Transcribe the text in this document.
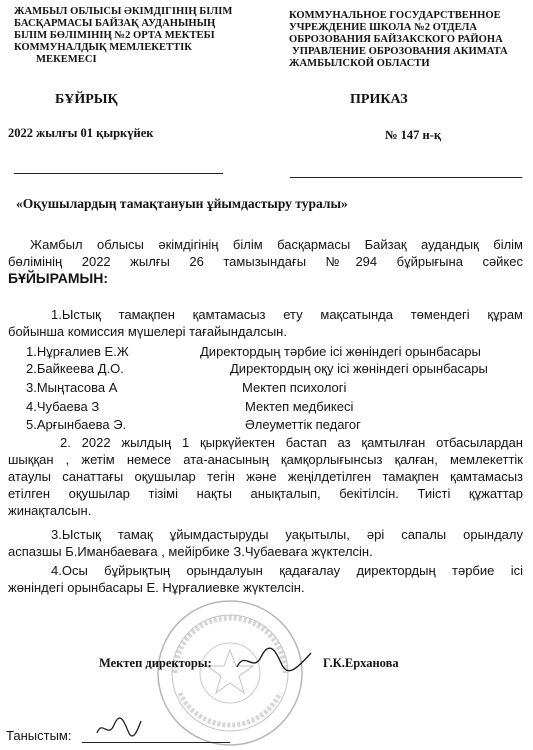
ЖАМБЫЛ ОБЛЫСЫ ӘКІМДІГІНІҢ БІЛІМ
БАСҚАРМАСЫ БАЙЗАҚ АУДАНЫНЫҢ
БІЛІМ БӨЛІМІНІҢ №2 ОРТА МЕКТЕБІ
КОММУНАЛДЫҚ МЕМЛЕКЕТТІК
МЕКЕМЕСІ
КОММУНАЛЬНОЕ ГОСУДАРСТВЕННОЕ
УЧРЕЖДЕНИЕ ШКОЛА №2 ОТДЕЛА
ОБРОЗОВАНИЯ БАЙЗАКСКОГО РАЙОНА
УПРАВЛЕНИЕ ОБРОЗОВАНИЯ АКИМАТА
ЖАМБЫЛСКОЙ ОБЛАСТИ
БҰЙРЫҚ	ПРИКАЗ
2022 жылғы 01 қыркүйек	№ 147 н-қ
«Оқушылардың тамақтануын ұйымдастыру туралы»
Жамбыл облысы әкімдігінің білім басқармасы Байзақ аудандық білім
бөлімінің 2022 жылғы 26 тамызындағы №294 бұйрығына сәйкес
БҰЙЫРАМЫН:
1.Ыстық тамақпен қамтамасыз ету мақсатында төмендегі құрам
бойынша комиссия мүшелері тағайындалсын.
1.Нұрғалиев Е.Ж	Директордың тәрбие ісі жөніндегі орынбасары
2.Байкеева Д.О.	Директордың оқу ісі жөніндегі орынбасары
3.Мыңтасова А	Мектеп психологі
4.Чубаева З	Мектеп медбикесі
5.Арғынбаева Э.	Әлеуметтік педагог
2. 2022 жылдың 1 қыркүйектен бастап аз қамтылған отбасылардан
шыққан , жетім немесе ата-анасының қамқорлығынсыз қалған, мемлекеттік
атаулы санаттағы оқушылар тегін және жеңілдетілген тамақпен қамтамасыз
етілген оқушылар тізімі нақты анықталып, бекітілсін. Тиісті құжаттар
жинақталсын.
3.Ыстық тамақ ұйымдастыруды уақытылы, әрі сапалы орындалу
аспазшы Б.Иманбаевағa , мейірбике З.Чубаеваға жүктелсін.
4.Осы бұйрықтың орындалуын қадағалау директордың тәрбие ісі
жөніндегі орынбасары Е. Нұрғалиевке жүктелсін.
Мектеп директоры:	Г.К.Ерханова
Таныстым:
